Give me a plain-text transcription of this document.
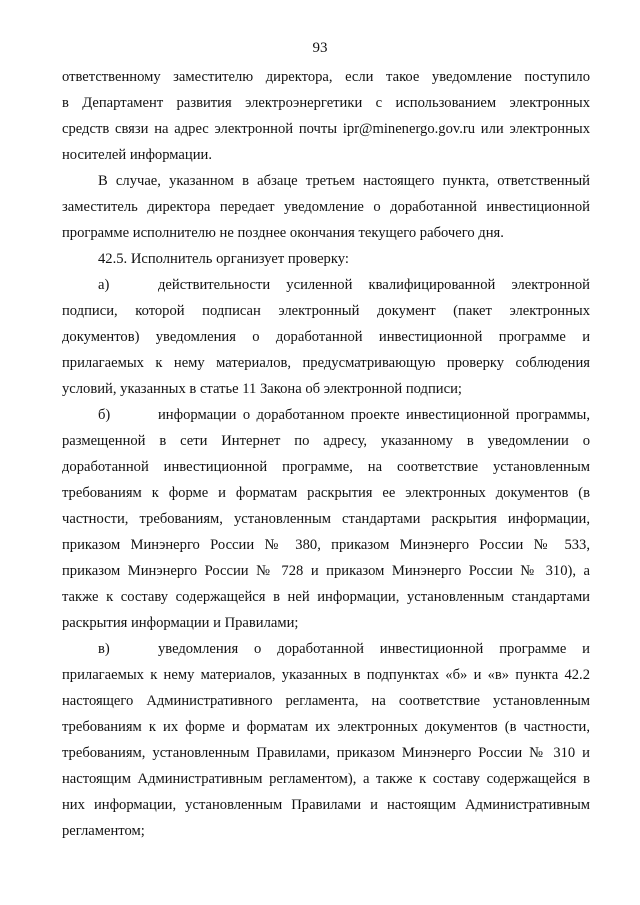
93
ответственному заместителю директора, если такое уведомление поступило
в Департамент развития электроэнергетики с использованием электронных
средств связи на адрес электронной почты ipr@minenergo.gov.ru или электронных
носителей информации.
В случае, указанном в абзаце третьем настоящего пункта, ответственный
заместитель директора передает уведомление о доработанной инвестиционной
программе исполнителю не позднее окончания текущего рабочего дня.
42.5. Исполнитель организует проверку:
а)	действительности усиленной квалифицированной электронной
подписи, которой подписан электронный документ (пакет электронных
документов) уведомления о доработанной инвестиционной программе и
прилагаемых к нему материалов, предусматривающую проверку соблюдения
условий, указанных в статье 11 Закона об электронной подписи;
б)	информации о доработанном проекте инвестиционной программы,
размещенной в сети Интернет по адресу, указанному в уведомлении о
доработанной инвестиционной программе, на соответствие установленным
требованиям к форме и форматам раскрытия ее электронных документов (в
частности, требованиям, установленным стандартами раскрытия информации,
приказом Минэнерго России № 380, приказом Минэнерго России № 533,
приказом Минэнерго России № 728 и приказом Минэнерго России № 310), а
также к составу содержащейся в ней информации, установленным стандартами
раскрытия информации и Правилами;
в)	уведомления о доработанной инвестиционной программе и
прилагаемых к нему материалов, указанных в подпунктах «б» и «в» пункта 42.2
настоящего Административного регламента, на соответствие установленным
требованиям к их форме и форматам их электронных документов (в частности,
требованиям, установленным Правилами, приказом Минэнерго России № 310 и
настоящим Административным регламентом), а также к составу содержащейся в
них информации, установленным Правилами и настоящим Административным
регламентом;
